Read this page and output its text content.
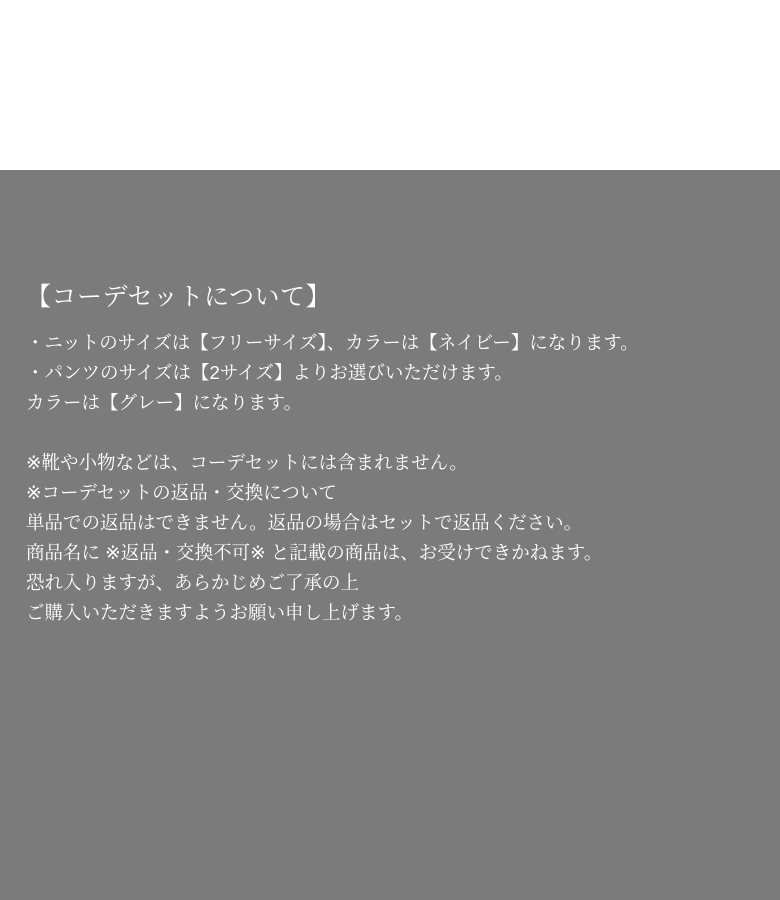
【コーデセットについて】

・ニットのサイズは【フリーサイズ】、カラーは【ネイビー】になります。
・パンツのサイズは【2サイズ】よりお選びいただけます。
カラーは【グレー】になります。

※靴や小物などは、コーデセットには含まれません。
※コーデセットの返品・交換について
単品での返品はできません。返品の場合はセットで返品ください。
商品名に ※返品・交換不可※ と記載の商品は、お受けできかねます。
恐れ入りますが、あらかじめご了承の上
ご購入いただきますようお願い申し上げます。
